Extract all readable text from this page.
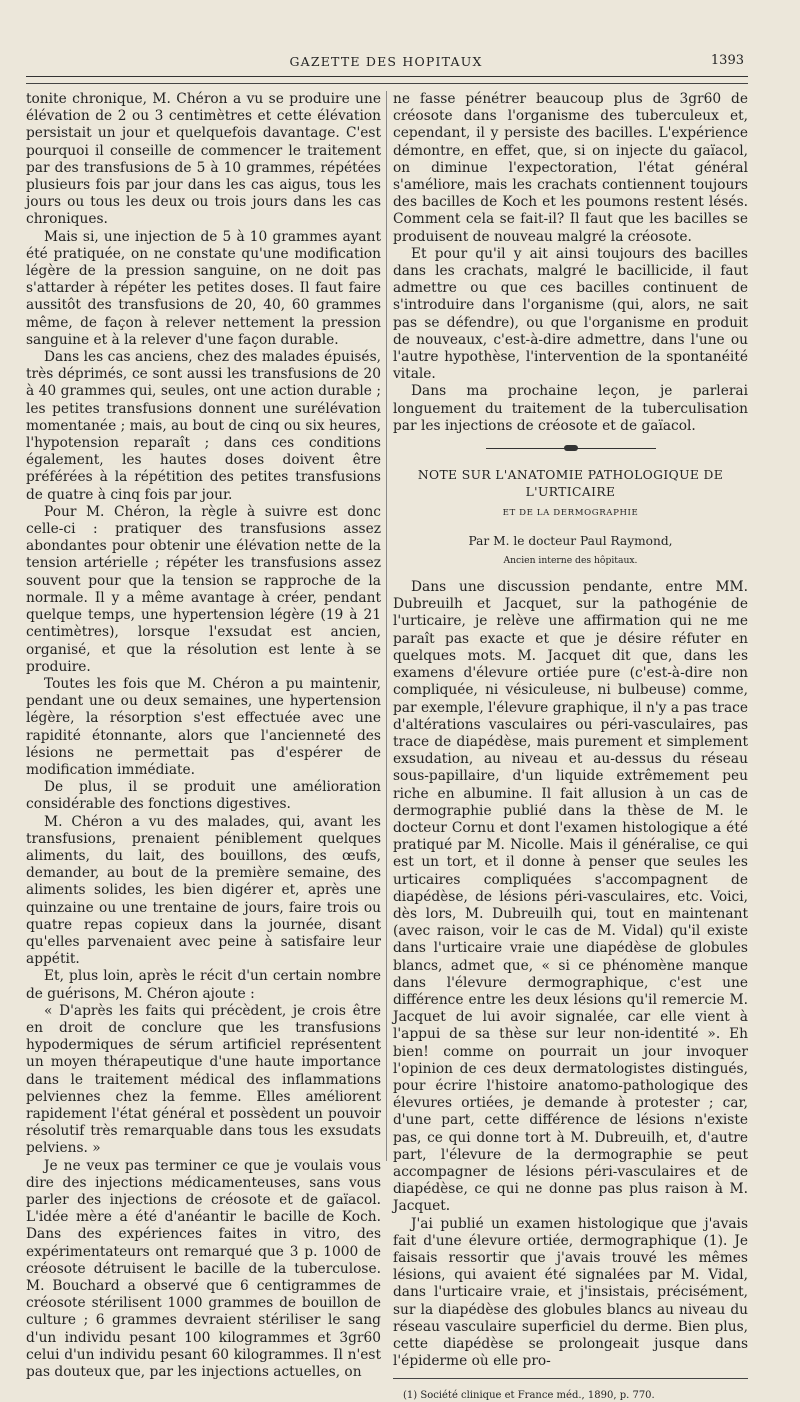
GAZETTE DES HOPITAUX	1393

tonite chronique, M. Chéron a vu se produire une élévation de 2 ou 3 centimètres et cette élévation persistait un jour et quelquefois davantage. C'est pourquoi il conseille de commencer le traitement par des transfusions de 5 à 10 grammes, répétées plusieurs fois par jour dans les cas aigus, tous les jours ou tous les deux ou trois jours dans les cas chroniques.

Mais si, une injection de 5 à 10 grammes ayant été pratiquée, on ne constate qu'une modification légère de la pression sanguine, on ne doit pas s'attarder à répéter les petites doses. Il faut faire aussitôt des transfusions de 20, 40, 60 grammes même, de façon à relever nettement la pression sanguine et à la relever d'une façon durable.

Dans les cas anciens, chez des malades épuisés, très déprimés, ce sont aussi les transfusions de 20 à 40 grammes qui, seules, ont une action durable ; les petites transfusions donnent une surélévation momentanée ; mais, au bout de cinq ou six heures, l'hypotension reparaît ; dans ces conditions également, les hautes doses doivent être préférées à la répétition des petites transfusions de quatre à cinq fois par jour.

Pour M. Chéron, la règle à suivre est donc celle-ci : pratiquer des transfusions assez abondantes pour obtenir une élévation nette de la tension artérielle ; répéter les transfusions assez souvent pour que la tension se rapproche de la normale. Il y a même avantage à créer, pendant quelque temps, une hypertension légère (19 à 21 centimètres), lorsque l'exsudat est ancien, organisé, et que la résolution est lente à se produire.

Toutes les fois que M. Chéron a pu maintenir, pendant une ou deux semaines, une hypertension légère, la résorption s'est effectuée avec une rapidité étonnante, alors que l'ancienneté des lésions ne permettait pas d'espérer de modification immédiate.

De plus, il se produit une amélioration considérable des fonctions digestives.

M. Chéron a vu des malades, qui, avant les transfusions, prenaient péniblement quelques aliments, du lait, des bouillons, des œufs, demander, au bout de la première semaine, des aliments solides, les bien digérer et, après une quinzaine ou une trentaine de jours, faire trois ou quatre repas copieux dans la journée, disant qu'elles parvenaient avec peine à satisfaire leur appétit.

Et, plus loin, après le récit d'un certain nombre de guérisons, M. Chéron ajoute :

« D'après les faits qui précèdent, je crois être en droit de conclure que les transfusions hypodermiques de sérum artificiel représentent un moyen thérapeutique d'une haute importance dans le traitement médical des inflammations pelviennes chez la femme. Elles améliorent rapidement l'état général et possèdent un pouvoir résolutif très remarquable dans tous les exsudats pelviens. »

Je ne veux pas terminer ce que je voulais vous dire des injections médicamenteuses, sans vous parler des injections de créosote et de gaïacol. L'idée mère a été d'anéantir le bacille de Koch. Dans des expériences faites in vitro, des expérimentateurs ont remarqué que 3 p. 1000 de créosote détruisent le bacille de la tuberculose. M. Bouchard a observé que 6 centigrammes de créosote stérilisent 1000 grammes de bouillon de culture ; 6 grammes devraient stériliser le sang d'un individu pesant 100 kilogrammes et 3gr60 celui d'un individu pesant 60 kilogrammes. Il n'est pas douteux que, par les injections actuelles, on

ne fasse pénétrer beaucoup plus de 3gr60 de créosote dans l'organisme des tuberculeux et, cependant, il y persiste des bacilles. L'expérience démontre, en effet, que, si on injecte du gaïacol, on diminue l'expectoration, l'état général s'améliore, mais les crachats contiennent toujours des bacilles de Koch et les poumons restent lésés. Comment cela se fait-il? Il faut que les bacilles se produisent de nouveau malgré la créosote.

Et pour qu'il y ait ainsi toujours des bacilles dans les crachats, malgré le bacillicide, il faut admettre ou que ces bacilles continuent de s'introduire dans l'organisme (qui, alors, ne sait pas se défendre), ou que l'organisme en produit de nouveaux, c'est-à-dire admettre, dans l'une ou l'autre hypothèse, l'intervention de la spontanéité vitale.

Dans ma prochaine leçon, je parlerai longuement du traitement de la tuberculisation par les injections de créosote et de gaïacol.

NOTE SUR L'ANATOMIE PATHOLOGIQUE DE L'URTICAIRE
ET DE LA DERMOGRAPHIE
Par M. le docteur Paul Raymond,
Ancien interne des hôpitaux.

Dans une discussion pendante, entre MM. Dubreuilh et Jacquet, sur la pathogénie de l'urticaire, je relève une affirmation qui ne me paraît pas exacte et que je désire réfuter en quelques mots. M. Jacquet dit que, dans les examens d'élevure ortiée pure (c'est-à-dire non compliquée, ni vésiculeuse, ni bulbeuse) comme, par exemple, l'élevure graphique, il n'y a pas trace d'altérations vasculaires ou péri-vasculaires, pas trace de diapédèse, mais purement et simplement exsudation, au niveau et au-dessus du réseau sous-papillaire, d'un liquide extrêmement peu riche en albumine. Il fait allusion à un cas de dermographie publié dans la thèse de M. le docteur Cornu et dont l'examen histologique a été pratiqué par M. Nicolle. Mais il généralise, ce qui est un tort, et il donne à penser que seules les urticaires compliquées s'accompagnent de diapédèse, de lésions péri-vasculaires, etc. Voici, dès lors, M. Dubreuilh qui, tout en maintenant (avec raison, voir le cas de M. Vidal) qu'il existe dans l'urticaire vraie une diapédèse de globules blancs, admet que, « si ce phénomène manque dans l'élevure dermographique, c'est une différence entre les deux lésions qu'il remercie M. Jacquet de lui avoir signalée, car elle vient à l'appui de sa thèse sur leur non-identité ». Eh bien! comme on pourrait un jour invoquer l'opinion de ces deux dermatologistes distingués, pour écrire l'histoire anatomo-pathologique des élevures ortiées, je demande à protester ; car, d'une part, cette différence de lésions n'existe pas, ce qui donne tort à M. Dubreuilh, et, d'autre part, l'élevure de la dermographie se peut accompagner de lésions péri-vasculaires et de diapédèse, ce qui ne donne pas plus raison à M. Jacquet.

J'ai publié un examen histologique que j'avais fait d'une élevure ortiée, dermographique (1). Je faisais ressortir que j'avais trouvé les mêmes lésions, qui avaient été signalées par M. Vidal, dans l'urticaire vraie, et j'insistais, précisément, sur la diapédèse des globules blancs au niveau du réseau vasculaire superficiel du derme. Bien plus, cette diapédèse se prolongeait jusque dans l'épiderme où elle pro-

(1) Société clinique et France méd., 1890, p. 770.
